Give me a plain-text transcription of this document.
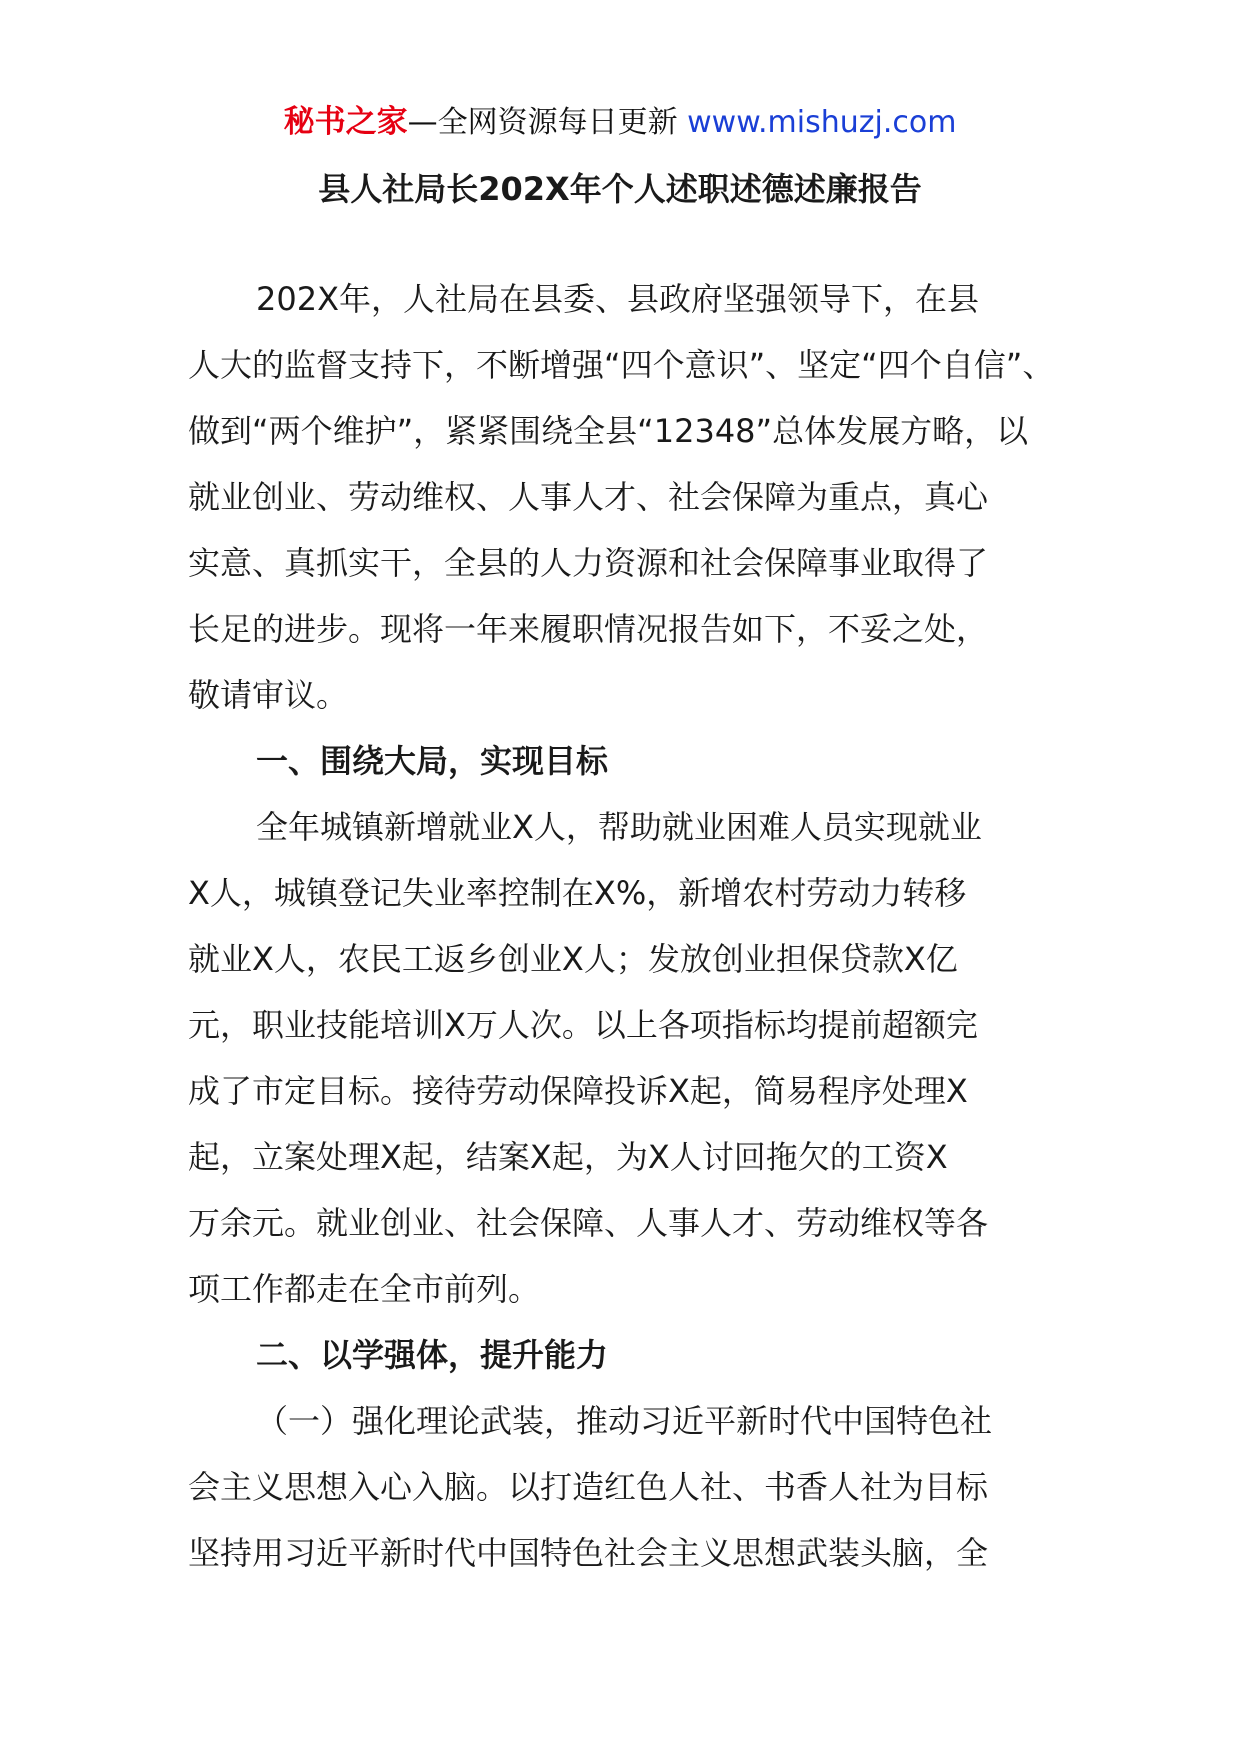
秘书之家—全网资源每日更新 www.mishuzj.com
县人社局长202X年个人述职述德述廉报告
202X年，人社局在县委、县政府坚强领导下，在县
人大的监督支持下，不断增强“四个意识”、坚定“四个自信”、
做到“两个维护”，紧紧围绕全县“12348”总体发展方略，以
就业创业、劳动维权、人事人才、社会保障为重点，真心
实意、真抓实干，全县的人力资源和社会保障事业取得了
长足的进步。现将一年来履职情况报告如下，不妥之处，
敬请审议。
一、围绕大局，实现目标
全年城镇新增就业X人，帮助就业困难人员实现就业
X人，城镇登记失业率控制在X%，新增农村劳动力转移
就业X人，农民工返乡创业X人；发放创业担保贷款X亿
元，职业技能培训X万人次。以上各项指标均提前超额完
成了市定目标。接待劳动保障投诉X起，简易程序处理X
起，立案处理X起，结案X起，为X人讨回拖欠的工资X
万余元。就业创业、社会保障、人事人才、劳动维权等各
项工作都走在全市前列。
二、以学强体，提升能力
（一）强化理论武装，推动习近平新时代中国特色社
会主义思想入心入脑。以打造红色人社、书香人社为目标
坚持用习近平新时代中国特色社会主义思想武装头脑，全
